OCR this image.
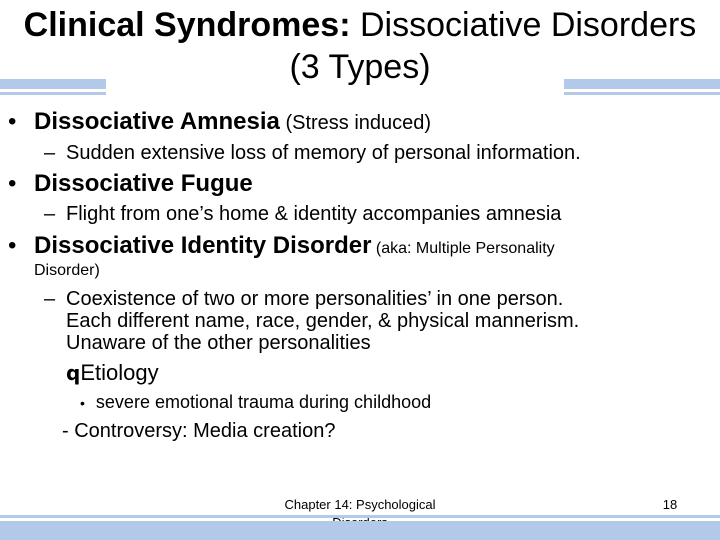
Clinical Syndromes: Dissociative Disorders (3 Types)
• Dissociative Amnesia (Stress induced)
– Sudden extensive loss of memory of personal information.
• Dissociative Fugue
– Flight from one’s home & identity accompanies amnesia
• Dissociative Identity Disorder (aka: Multiple Personality
Disorder)
– Coexistence of two or more personalities’ in one person.
Each different name, race, gender, & physical mannerism.
Unaware of the other personalities
qEtiology
• severe emotional trauma during childhood
- Controversy: Media creation?
Chapter 14: Psychological	18
